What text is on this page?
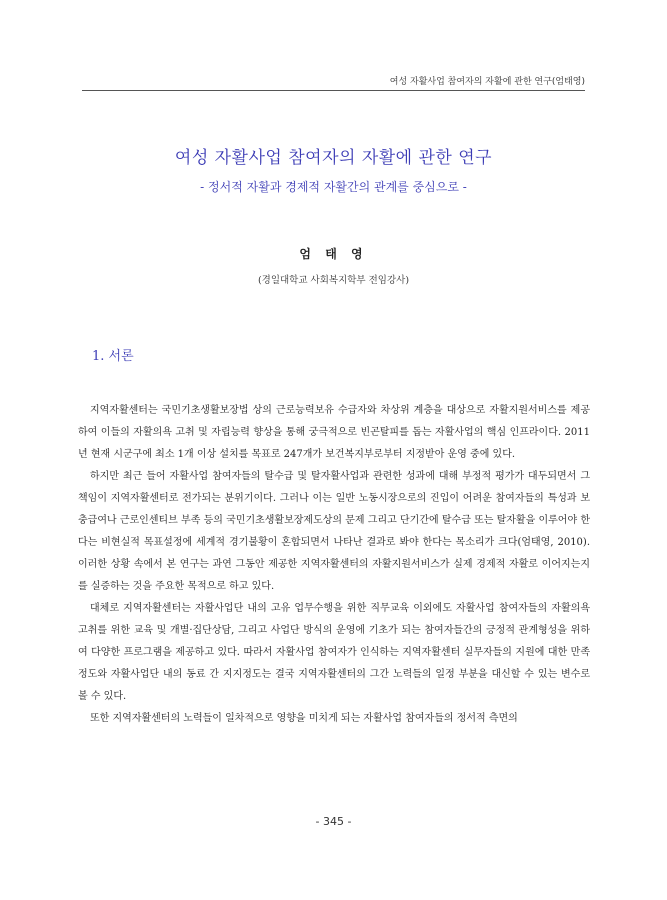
여성 자활사업 참여자의 자활에 관한 연구(엄태영)
여성 자활사업 참여자의 자활에 관한 연구
- 정서적 자활과 경제적 자활간의 관계를 중심으로 -
엄 태 영
(경일대학교 사회복지학부 전임강사)
1. 서론

지역자활센터는 국민기초생활보장법 상의 근로능력보유 수급자와 차상위 계층을 대상으로 자활지원서비스를 제공하여 이들의 자활의욕 고취 및 자립능력 향상을 통해 궁극적으로 빈곤탈피를 돕는 자활사업의 핵심 인프라이다. 2011년 현재 시군구에 최소 1개 이상 설치를 목표로 247개가 보건복지부로부터 지정받아 운영 중에 있다.

하지만 최근 들어 자활사업 참여자들의 탈수급 및 탈자활사업과 관련한 성과에 대해 부정적 평가가 대두되면서 그 책임이 지역자활센터로 전가되는 분위기이다. 그러나 이는 일반 노동시장으로의 진입이 어려운 참여자들의 특성과 보충급여나 근로인센티브 부족 등의 국민기초생활보장제도상의 문제 그리고 단기간에 탈수급 또는 탈자활을 이루어야 한다는 비현실적 목표설정에 세계적 경기불황이 혼합되면서 나타난 결과로 봐야 한다는 목소리가 크다(엄태영, 2010). 이러한 상황 속에서 본 연구는 과연 그동안 제공한 지역자활센터의 자활지원서비스가 실제 경제적 자활로 이어지는지를 실증하는 것을 주요한 목적으로 하고 있다.

대체로 지역자활센터는 자활사업단 내의 고유 업무수행을 위한 직무교육 이외에도 자활사업 참여자들의 자활의욕 고취를 위한 교육 및 개별·집단상담, 그리고 사업단 방식의 운영에 기초가 되는 참여자들간의 긍정적 관계형성을 위하여 다양한 프로그램을 제공하고 있다. 따라서 자활사업 참여자가 인식하는 지역자활센터 실무자들의 지원에 대한 만족정도와 자활사업단 내의 동료 간 지지정도는 결국 지역자활센터의 그간 노력들의 일정 부분을 대신할 수 있는 변수로 볼 수 있다.

또한 지역자활센터의 노력들이 일차적으로 영향을 미치게 되는 자활사업 참여자들의 정서적 측면의

- 345 -
